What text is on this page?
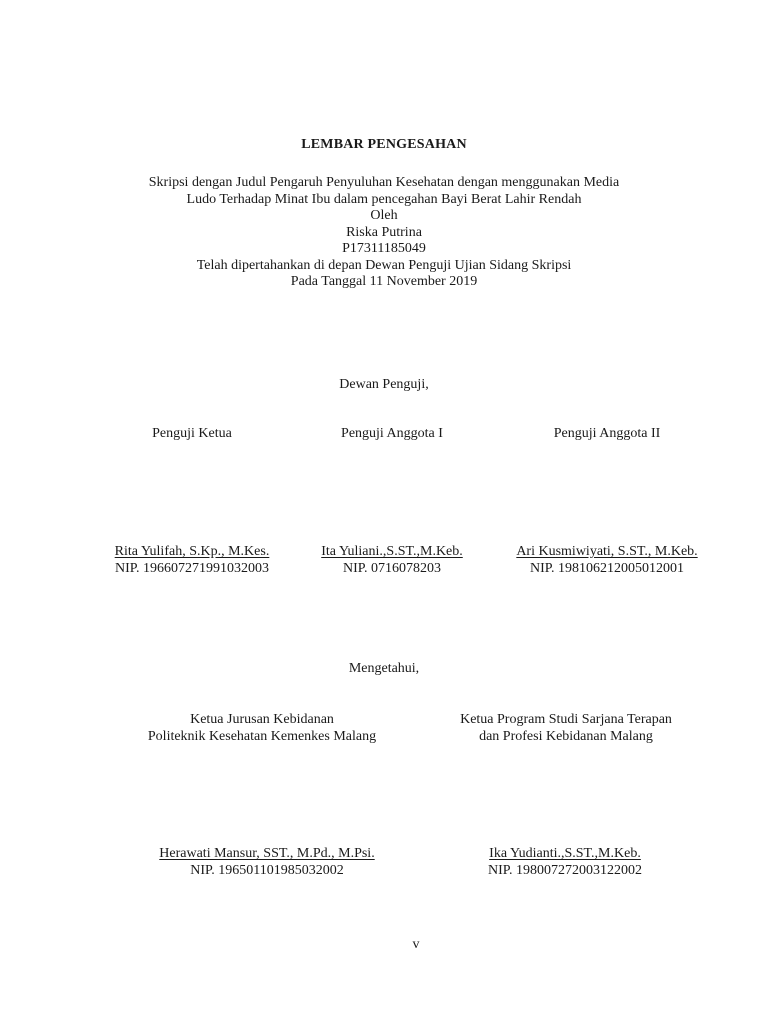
LEMBAR PENGESAHAN
Skripsi dengan Judul Pengaruh Penyuluhan Kesehatan dengan menggunakan Media
Ludo Terhadap Minat Ibu dalam pencegahan Bayi Berat Lahir Rendah
Oleh
Riska Putrina
P17311185049
Telah dipertahankan di depan Dewan Penguji Ujian Sidang Skripsi
Pada Tanggal 11 November 2019
Dewan Penguji,
Penguji Ketua	Penguji Anggota I	Penguji Anggota II
Rita Yulifah, S.Kp., M.Kes.
NIP. 196607271991032003
Ita Yuliani.,S.ST.,M.Keb.
NIP. 0716078203
Ari Kusmiwiyati, S.ST., M.Keb.
NIP. 198106212005012001
Mengetahui,
Ketua Jurusan Kebidanan
Politeknik Kesehatan Kemenkes Malang
Ketua Program Studi Sarjana Terapan
dan Profesi Kebidanan Malang
Herawati Mansur, SST., M.Pd., M.Psi.
NIP. 196501101985032002
Ika Yudianti.,S.ST.,M.Keb.
NIP. 198007272003122002
v
